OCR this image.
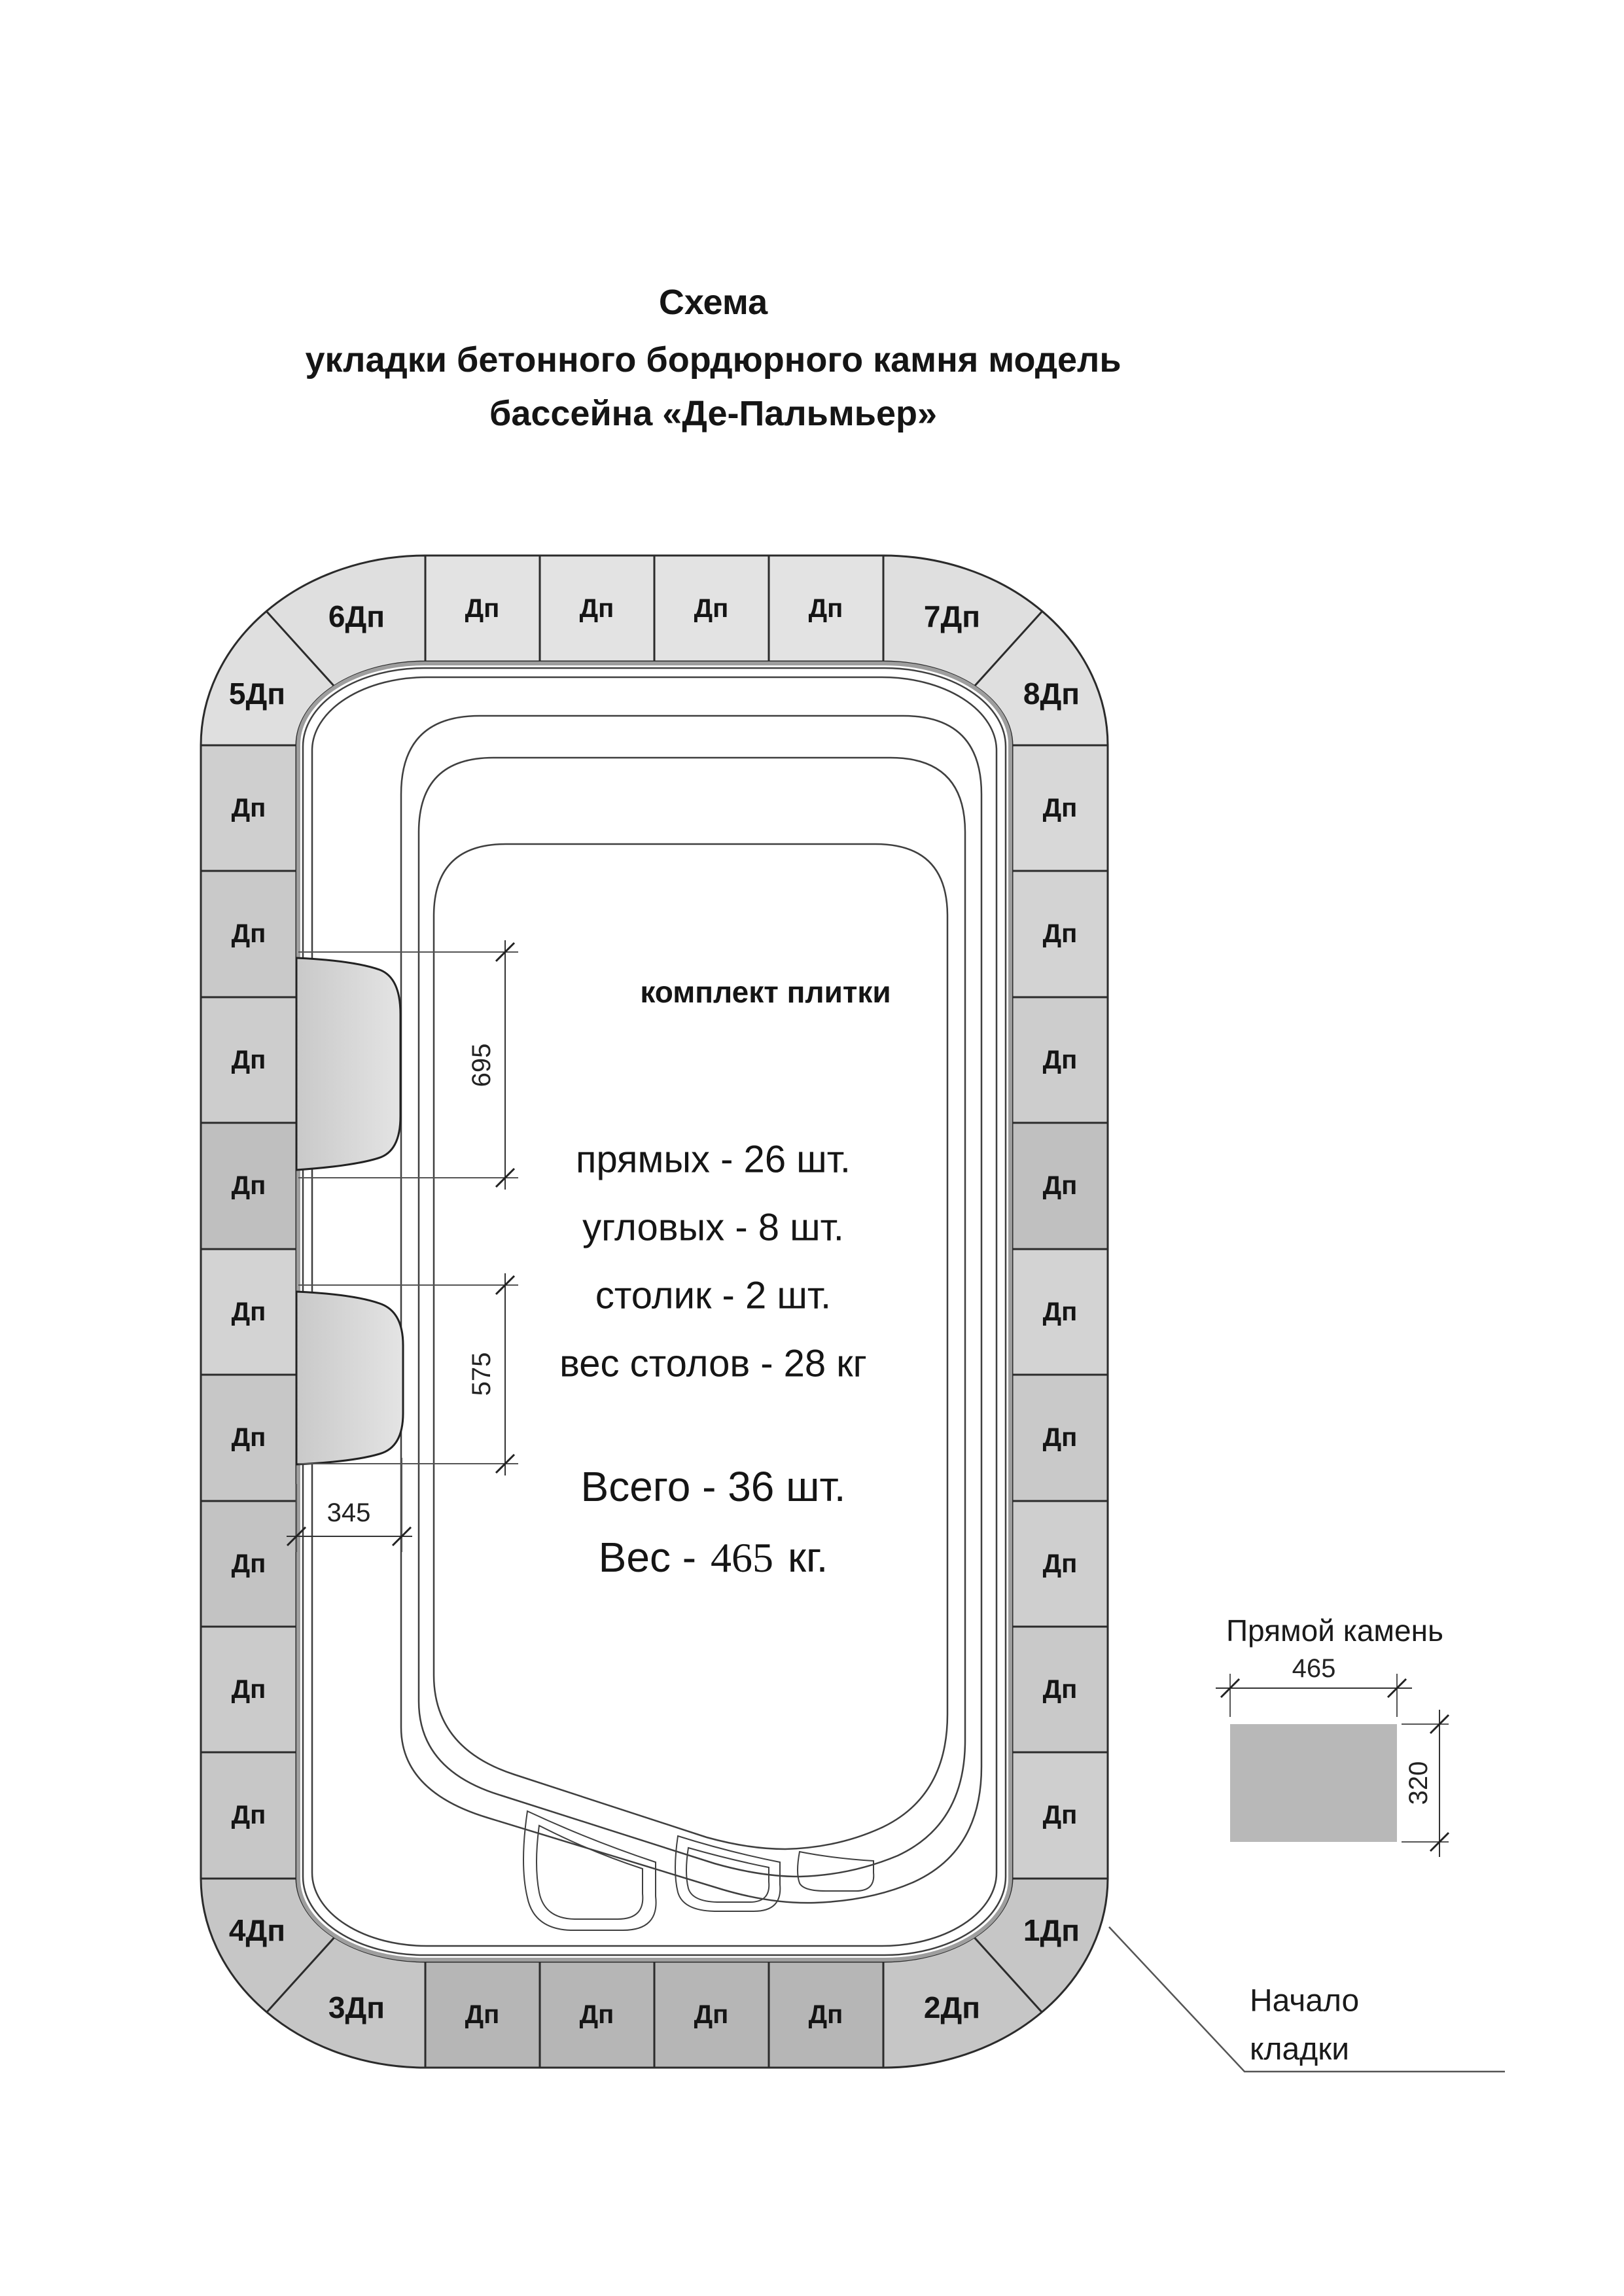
Схема
укладки бетонного бордюрного камня модель
бассейна «Де-Пальмьер»
Дп	Дп	Дп	Дп
Дп	Дп	Дп	Дп
Дп
Дп
Дп
Дп
Дп
Дп
Дп
Дп
Дп
Дп
Дп
Дп
Дп
Дп
Дп
Дп
Дп
Дп
5Дп
6Дп	7Дп
8Дп
1Дп
2Дп
3Дп
4Дп
695
575
345
комплект плитки
прямых - 26 шт.
угловых - 8 шт.
столик - 2 шт.
вес столов - 28 кг
Всего - 36 шт.
Вес - 465 кг.
Прямой камень
465
320
Начало
кладки
